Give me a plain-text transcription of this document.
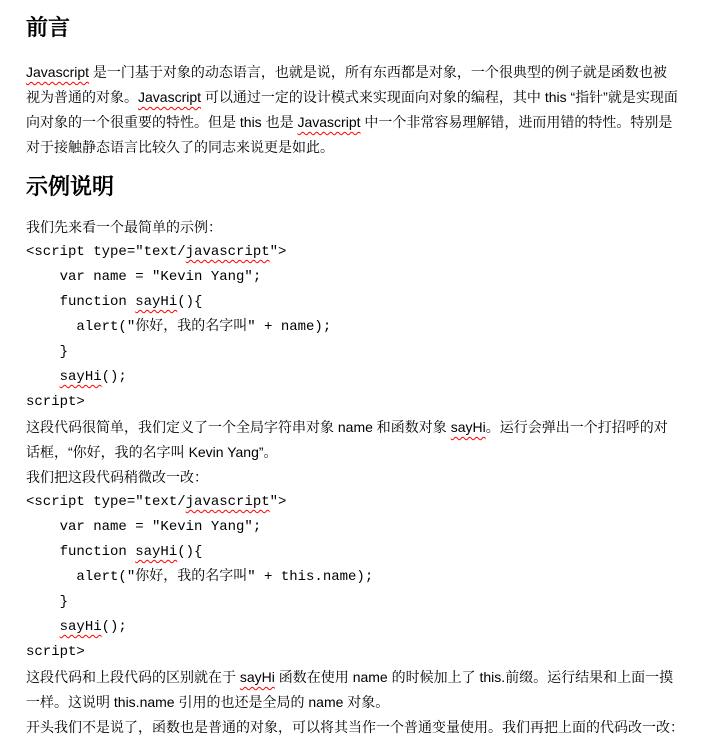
前言
Javascript 是一门基于对象的动态语言，也就是说，所有东西都是对象，一个很典型的例子就是函数也被
视为普通的对象。Javascript 可以通过一定的设计模式来实现面向对象的编程，其中 this “指针”就是实现面
向对象的一个很重要的特性。但是 this 也是 Javascript 中一个非常容易理解错，进而用错的特性。特别是
对于接触静态语言比较久了的同志来说更是如此。
示例说明
我们先来看一个最简单的示例：
<script type="text/javascript">
var name = "Kevin Yang";
function sayHi(){
alert("你好，我的名字叫" + name);
}
sayHi();
script>
这段代码很简单，我们定义了一个全局字符串对象 name 和函数对象 sayHi。运行会弹出一个打招呼的对
话框，“你好，我的名字叫 Kevin Yang”。
我们把这段代码稍微改一改：
<script type="text/javascript">
var name = "Kevin Yang";
function sayHi(){
alert("你好，我的名字叫" + this.name);
}
sayHi();
script>
这段代码和上段代码的区别就在于 sayHi 函数在使用 name 的时候加上了 this.前缀。运行结果和上面一摸
一样。这说明 this.name 引用的也还是全局的 name 对象。
开头我们不是说了，函数也是普通的对象，可以将其当作一个普通变量使用。我们再把上面的代码改一改：
